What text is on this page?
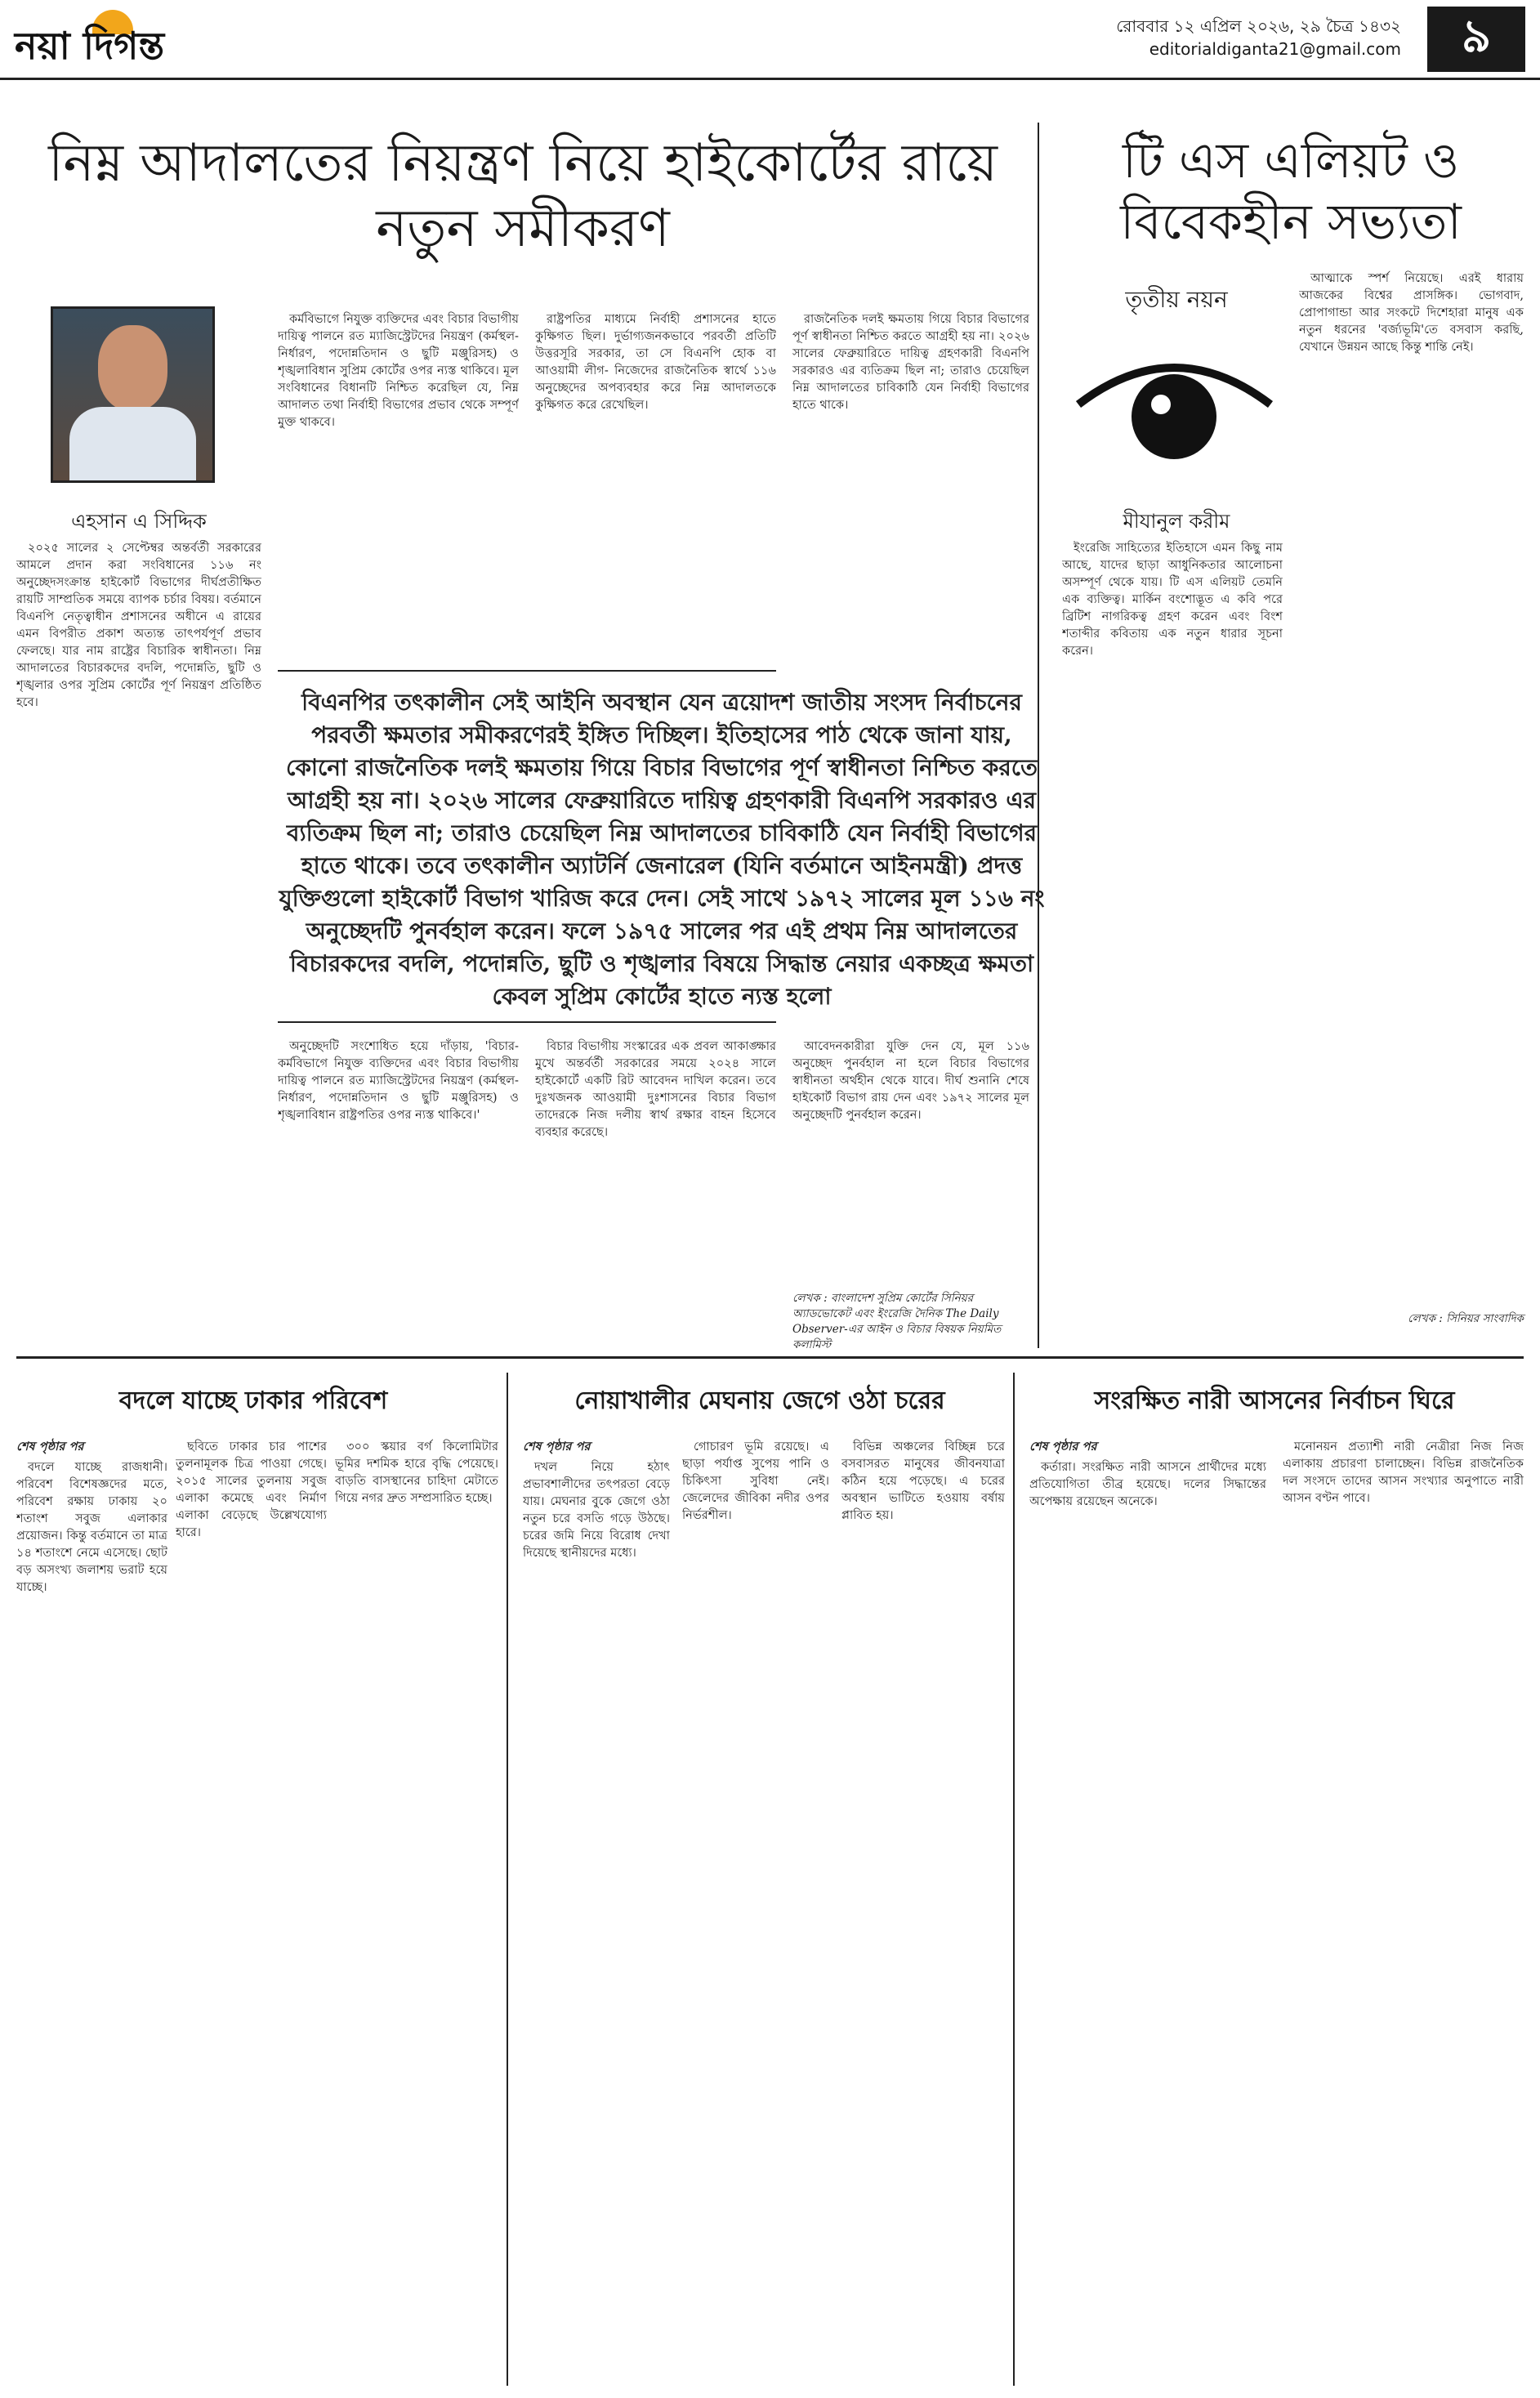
নয়া দিগন্ত	রোববার ১২ এপ্রিল ২০২৬, ২৯ চৈত্র ১৪৩২
editorialdiganta21@gmail.com	৯
নিম্ন আদালতের নিয়ন্ত্রণ নিয়ে হাইকোর্টের রায়ে নতুন সমীকরণ
এহসান এ সিদ্দিক

২০২৫ সালের ২ সেপ্টেম্বর অন্তর্বর্তী সরকারের আমলে প্রদান করা সংবিধানের ১১৬ নং অনুচ্ছেদসংক্রান্ত হাইকোর্ট বিভাগের দীর্ঘপ্রতীক্ষিত রায়টি সাম্প্রতিক সময়ে ব্যাপক চর্চার বিষয়। বর্তমানে বিএনপি নেতৃত্বাধীন প্রশাসনের অধীনে এ রায়ের এমন বিপরীত প্রকাশ অত্যন্ত তাৎপর্যপূর্ণ প্রভাব ফেলছে। যার নাম রাষ্ট্রের বিচারিক স্বাধীনতা। নিম্ন আদালতের বিচারকদের বদলি, পদোন্নতি, ছুটি ও শৃঙ্খলার ওপর সুপ্রিম কোর্টের পূর্ণ নিয়ন্ত্রণ প্রতিষ্ঠিত হবে।

কর্মবিভাগে নিযুক্ত ব্যক্তিদের এবং বিচার বিভাগীয় দায়িত্ব পালনে রত ম্যাজিস্ট্রেটদের নিয়ন্ত্রণ (কর্মস্থল-নির্ধারণ, পদোন্নতিদান ও ছুটি মঞ্জুরিসহ) ও শৃঙ্খলাবিধান সুপ্রিম কোর্টের ওপর ন্যস্ত থাকিবে। মূল সংবিধানের বিধানটি নিশ্চিত করেছিল যে, নিম্ন আদালত তথা নির্বাহী বিভাগের প্রভাব থেকে সম্পূর্ণ মুক্ত থাকবে।

রাষ্ট্রপতির মাধ্যমে নির্বাহী প্রশাসনের হাতে কুক্ষিগত ছিল। দুর্ভাগ্যজনকভাবে পরবর্তী প্রতিটি উত্তরসূরি সরকার, তা সে বিএনপি হোক বা আওয়ামী লীগ- নিজেদের রাজনৈতিক স্বার্থে ১১৬ অনুচ্ছেদের অপব্যবহার করে নিম্ন আদালতকে কুক্ষিগত করে রেখেছিল।

রাজনৈতিক দলই ক্ষমতায় গিয়ে বিচার বিভাগের পূর্ণ স্বাধীনতা নিশ্চিত করতে আগ্রহী হয় না। ২০২৬ সালের ফেব্রুয়ারিতে দায়িত্ব গ্রহণকারী বিএনপি সরকারও এর ব্যতিক্রম ছিল না; তারাও চেয়েছিল নিম্ন আদালতের চাবিকাঠি যেন নির্বাহী বিভাগের হাতে থাকে।

বিএনপির তৎকালীন সেই আইনি অবস্থান যেন ত্রয়োদশ জাতীয় সংসদ নির্বাচনের পরবর্তী ক্ষমতার সমীকরণেরই ইঙ্গিত দিচ্ছিল। ইতিহাসের পাঠ থেকে জানা যায়, কোনো রাজনৈতিক দলই ক্ষমতায় গিয়ে বিচার বিভাগের পূর্ণ স্বাধীনতা নিশ্চিত করতে আগ্রহী হয় না। ২০২৬ সালের ফেব্রুয়ারিতে দায়িত্ব গ্রহণকারী বিএনপি সরকারও এর ব্যতিক্রম ছিল না; তারাও চেয়েছিল নিম্ন আদালতের চাবিকাঠি যেন নির্বাহী বিভাগের হাতে থাকে। তবে তৎকালীন অ্যাটর্নি জেনারেল (যিনি বর্তমানে আইনমন্ত্রী) প্রদত্ত যুক্তিগুলো হাইকোর্ট বিভাগ খারিজ করে দেন। সেই সাথে ১৯৭২ সালের মূল ১১৬ নং অনুচ্ছেদটি পুনর্বহাল করেন। ফলে ১৯৭৫ সালের পর এই প্রথম নিম্ন আদালতের বিচারকদের বদলি, পদোন্নতি, ছুটি ও শৃঙ্খলার বিষয়ে সিদ্ধান্ত নেয়ার একচ্ছত্র ক্ষমতা কেবল সুপ্রিম কোর্টের হাতে ন্যস্ত হলো

অনুচ্ছেদটি সংশোধিত হয়ে দাঁড়ায়, 'বিচার-কর্মবিভাগে নিযুক্ত ব্যক্তিদের এবং বিচার বিভাগীয় দায়িত্ব পালনে রত ম্যাজিস্ট্রেটদের নিয়ন্ত্রণ (কর্মস্থল-নির্ধারণ, পদোন্নতিদান ও ছুটি মঞ্জুরিসহ) ও শৃঙ্খলাবিধান রাষ্ট্রপতির ওপর ন্যস্ত থাকিবে।'

বিচার বিভাগীয় সংস্কারের এক প্রবল আকাঙ্ক্ষার মুখে অন্তর্বর্তী সরকারের সময়ে ২০২৪ সালে হাইকোর্টে একটি রিট আবেদন দাখিল করেন। তবে দুঃখজনক আওয়ামী দুঃশাসনের বিচার বিভাগ তাদেরকে নিজ দলীয় স্বার্থ রক্ষার বাহন হিসেবে ব্যবহার করেছে।

আবেদনকারীরা যুক্তি দেন যে, মূল ১১৬ অনুচ্ছেদ পুনর্বহাল না হলে বিচার বিভাগের স্বাধীনতা অর্থহীন থেকে যাবে। দীর্ঘ শুনানি শেষে হাইকোর্ট বিভাগ রায় দেন এবং ১৯৭২ সালের মূল অনুচ্ছেদটি পুনর্বহাল করেন।

লেখক : বাংলাদেশ সুপ্রিম কোর্টের সিনিয়র অ্যাডভোকেট এবং ইংরেজি দৈনিক The Daily Observer-এর আইন ও বিচার বিষয়ক নিয়মিত কলামিস্ট
টি এস এলিয়ট ও বিবেকহীন সভ্যতা
তৃতীয় নয়ন
মীযানুল করীম

ইংরেজি সাহিত্যের ইতিহাসে এমন কিছু নাম আছে, যাদের ছাড়া আধুনিকতার আলোচনা অসম্পূর্ণ থেকে যায়। টি এস এলিয়ট তেমনি এক ব্যক্তিত্ব। মার্কিন বংশোদ্ভূত এ কবি পরে ব্রিটিশ নাগরিকত্ব গ্রহণ করেন এবং বিংশ শতাব্দীর কবিতায় এক নতুন ধারার সূচনা করেন।

আত্মাকে স্পর্শ নিয়েছে। এরই ধারায় আজকের বিশ্বের প্রাসঙ্গিক। ভোগবাদ, প্রোপাগান্ডা আর সংকটে দিশেহারা মানুষ এক নতুন ধরনের 'বর্জ্যভূমি'তে বসবাস করছি, যেখানে উন্নয়ন আছে কিন্তু শান্তি নেই।

লেখক : সিনিয়র সাংবাদিক
বদলে যাচ্ছে ঢাকার পরিবেশ	নোয়াখালীর মেঘনায় জেগে ওঠা চরের	সংরক্ষিত নারী আসনের নির্বাচন ঘিরে

শেষ পৃষ্ঠার পর

বদলে যাচ্ছে রাজধানী। পরিবেশ বিশেষজ্ঞদের মতে, পরিবেশ রক্ষায় ঢাকায় ২০ শতাংশ সবুজ এলাকার প্রয়োজন। কিন্তু বর্তমানে তা মাত্র ১৪ শতাংশে নেমে এসেছে। ছোট বড় অসংখ্য জলাশয় ভরাট হয়ে যাচ্ছে।

ছবিতে ঢাকার চার পাশের তুলনামূলক চিত্র পাওয়া গেছে। ২০১৫ সালের তুলনায় সবুজ এলাকা কমেছে এবং নির্মাণ এলাকা বেড়েছে উল্লেখযোগ্য হারে।

৩০০ স্কয়ার বর্গ কিলোমিটার ভূমির দশমিক হারে বৃদ্ধি পেয়েছে। বাড়তি বাসস্থানের চাহিদা মেটাতে গিয়ে নগর দ্রুত সম্প্রসারিত হচ্ছে।

শেষ পৃষ্ঠার পর

দখল নিয়ে হঠাৎ প্রভাবশালীদের তৎপরতা বেড়ে যায়। মেঘনার বুকে জেগে ওঠা নতুন চরে বসতি গড়ে উঠছে। চরের জমি নিয়ে বিরোধ দেখা দিয়েছে স্থানীয়দের মধ্যে।

গোচারণ ভূমি রয়েছে। এ ছাড়া পর্যাপ্ত সুপেয় পানি ও চিকিৎসা সুবিধা নেই। জেলেদের জীবিকা নদীর ওপর নির্ভরশীল।

বিভিন্ন অঞ্চলের বিচ্ছিন্ন চরে বসবাসরত মানুষের জীবনযাত্রা কঠিন হয়ে পড়েছে। এ চরের অবস্থান ভাটিতে হওয়ায় বর্ষায় প্লাবিত হয়।

শেষ পৃষ্ঠার পর

কর্তারা। সংরক্ষিত নারী আসনে প্রার্থীদের মধ্যে প্রতিযোগিতা তীব্র হয়েছে। দলের সিদ্ধান্তের অপেক্ষায় রয়েছেন অনেকে।

মনোনয়ন প্রত্যাশী নারী নেত্রীরা নিজ নিজ এলাকায় প্রচারণা চালাচ্ছেন। বিভিন্ন রাজনৈতিক দল সংসদে তাদের আসন সংখ্যার অনুপাতে নারী আসন বণ্টন পাবে।
